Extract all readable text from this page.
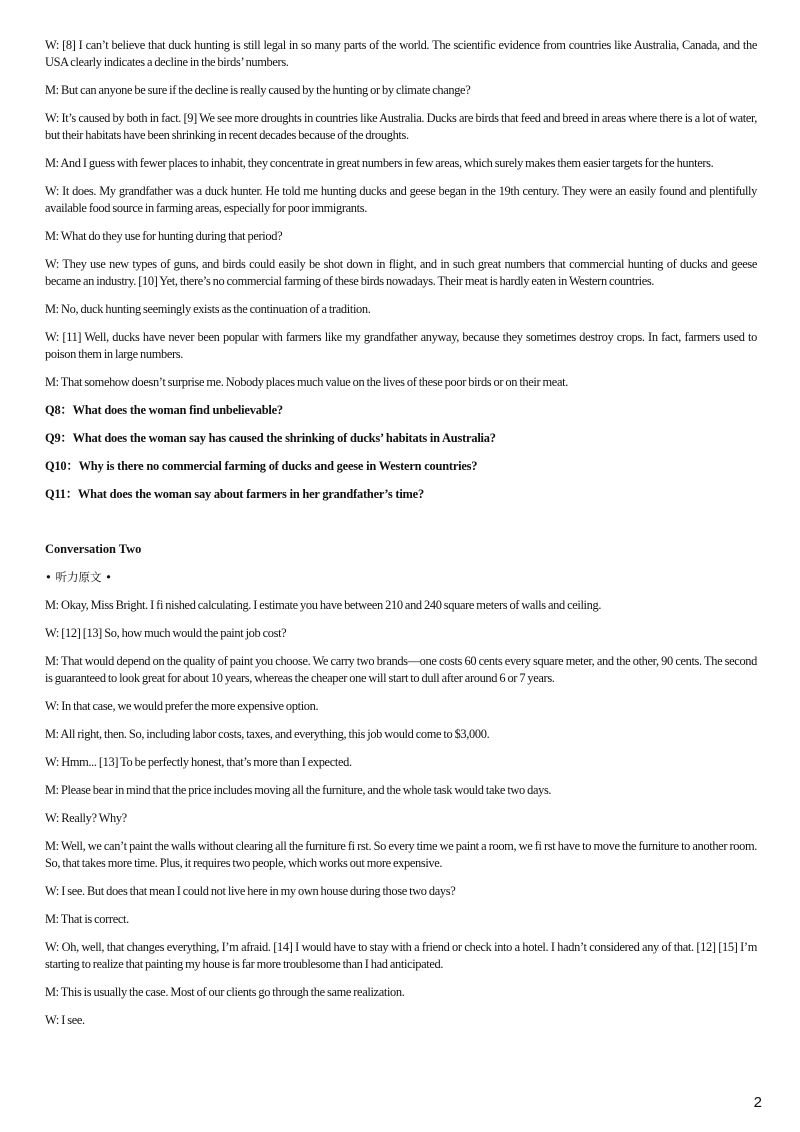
W: [8] I can’t believe that duck hunting is still legal in so many parts of the world. The scientific evidence from countries like Australia, Canada, and the USA clearly indicates a decline in the birds’ numbers.

M: But can anyone be sure if the decline is really caused by the hunting or by climate change?

W: It’s caused by both in fact. [9] We see more droughts in countries like Australia. Ducks are birds that feed and breed in areas where there is a lot of water, but their habitats have been shrinking in recent decades because of the droughts.

M: And I guess with fewer places to inhabit, they concentrate in great numbers in few areas, which surely makes them easier targets for the hunters.

W: It does. My grandfather was a duck hunter. He told me hunting ducks and geese began in the 19th century. They were an easily found and plentifully available food source in farming areas, especially for poor immigrants.

M: What do they use for hunting during that period?

W: They use new types of guns, and birds could easily be shot down in flight, and in such great numbers that commercial hunting of ducks and geese became an industry. [10] Yet, there’s no commercial farming of these birds nowadays. Their meat is hardly eaten in Western countries.

M: No, duck hunting seemingly exists as the continuation of a tradition.

W: [11] Well, ducks have never been popular with farmers like my grandfather anyway, because they sometimes destroy crops. In fact, farmers used to poison them in large numbers.

M: That somehow doesn’t surprise me. Nobody places much value on the lives of these poor birds or on their meat.

Q8：What does the woman find unbelievable?

Q9：What does the woman say has caused the shrinking of ducks’ habitats in Australia?

Q10：Why is there no commercial farming of ducks and geese in Western countries?

Q11：What does the woman say about farmers in her grandfather’s time?

Conversation Two

• 听力原文 •

M: Okay, Miss Bright. I fi nished calculating. I estimate you have between 210 and 240 square meters of walls and ceiling.

W: [12] [13] So, how much would the paint job cost?

M: That would depend on the quality of paint you choose. We carry two brands—one costs 60 cents every square meter, and the other, 90 cents. The second is guaranteed to look great for about 10 years, whereas the cheaper one will start to dull after around 6 or 7 years.

W: In that case, we would prefer the more expensive option.

M: All right, then. So, including labor costs, taxes, and everything, this job would come to $3,000.

W: Hmm... [13] To be perfectly honest, that’s more than I expected.

M: Please bear in mind that the price includes moving all the furniture, and the whole task would take two days.

W: Really? Why?

M: Well, we can’t paint the walls without clearing all the furniture fi rst. So every time we paint a room, we fi rst have to move the furniture to another room. So, that takes more time. Plus, it requires two people, which works out more expensive.

W: I see. But does that mean I could not live here in my own house during those two days?

M: That is correct.

W: Oh, well, that changes everything, I’m afraid. [14] I would have to stay with a friend or check into a hotel. I hadn’t considered any of that. [12] [15] I’m starting to realize that painting my house is far more troublesome than I had anticipated.

M: This is usually the case. Most of our clients go through the same realization.

W: I see.

2
